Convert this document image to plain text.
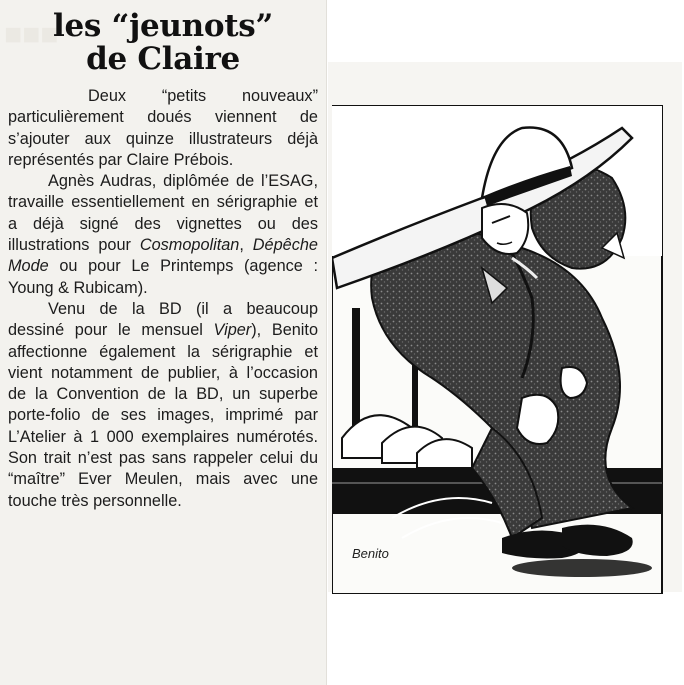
■■■
les “jeunots”
de Claire

Deux “petits nouveaux” particulièrement doués viennent de s’ajouter aux quinze illustrateurs déjà représentés par Claire Prébois.

Agnès Audras, diplômée de l’ESAG, travaille essentiellement en sérigraphie et a déjà signé des vignettes ou des illustrations pour Cosmopolitan, Dépêche Mode ou pour Le Printemps (agence : Young & Rubicam).

Venu de la BD (il a beaucoup dessiné pour le mensuel Viper), Benito affectionne également la sérigraphie et vient notamment de publier, à l’occasion de la Convention de la BD, un superbe porte-folio de ses images, imprimé par L’Atelier à 1 000 exemplaires numérotés. Son trait n’est pas sans rappeler celui du “maître” Ever Meulen, mais avec une touche très personnelle.

Benito
